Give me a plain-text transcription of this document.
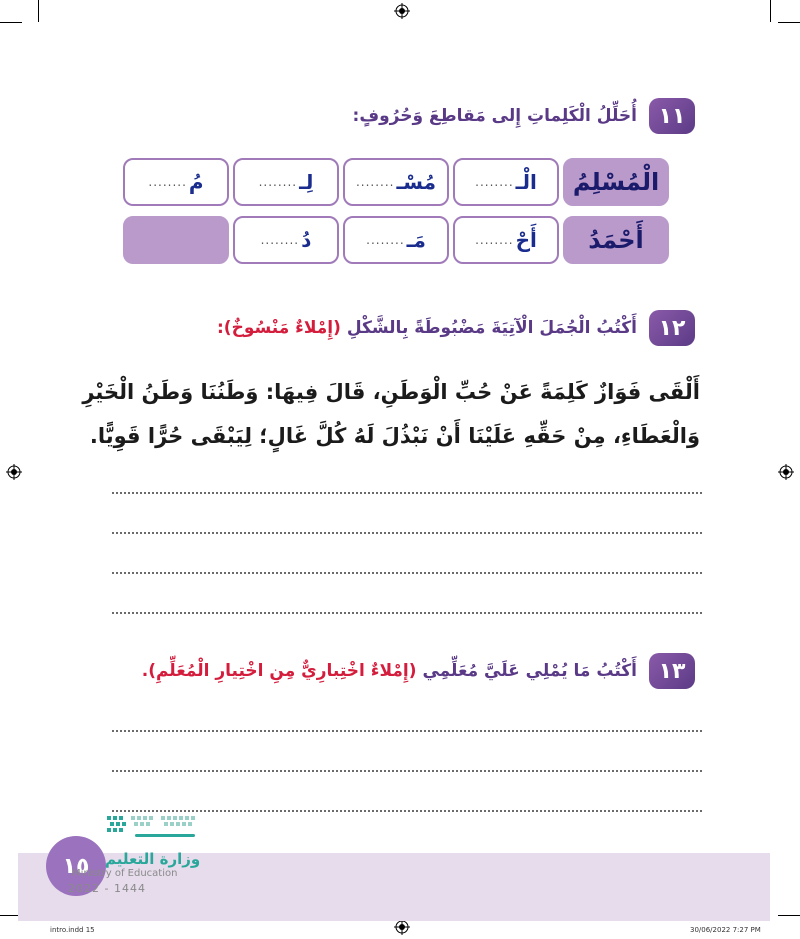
١١
أُحَلِّلُ الْكَلِماتِ إِلى مَقاطِعَ وَحُرُوفٍ:
الْمُسْلِمُ
الْـ
........
مُسْـ
........
لِـ
........
مُ
........
أَحْمَدُ
أَحْ
........
مَـ
........
دُ
........
١٢
أَكْتُبُ الْجُمَلَ الْآتِيَةَ مَضْبُوطَةً بِالشَّكْلِ (إِمْلاءٌ مَنْسُوخٌ):
أَلْقَى فَوَازٌ كَلِمَةً عَنْ حُبِّ الْوَطَنِ، قَالَ فِيهَا: وَطَنُنَا وَطَنُ الْخَيْرِ
وَالْعَطَاءِ، مِنْ حَقِّهِ عَلَيْنَا أَنْ نَبْذُلَ لَهُ كُلَّ غَالٍ؛ لِيَبْقَى حُرًّا قَوِيًّا.
١٣
أَكْتُبُ مَا يُمْلِي عَلَيَّ مُعَلِّمِي (إِمْلاءٌ اخْتِبارِيٌّ مِنِ اخْتِيارِ الْمُعَلِّمِ).
١٥	وزارة التعليم
Ministry of Education
2022 - 1444
intro.indd 15	30/06/2022 7:27 PM
